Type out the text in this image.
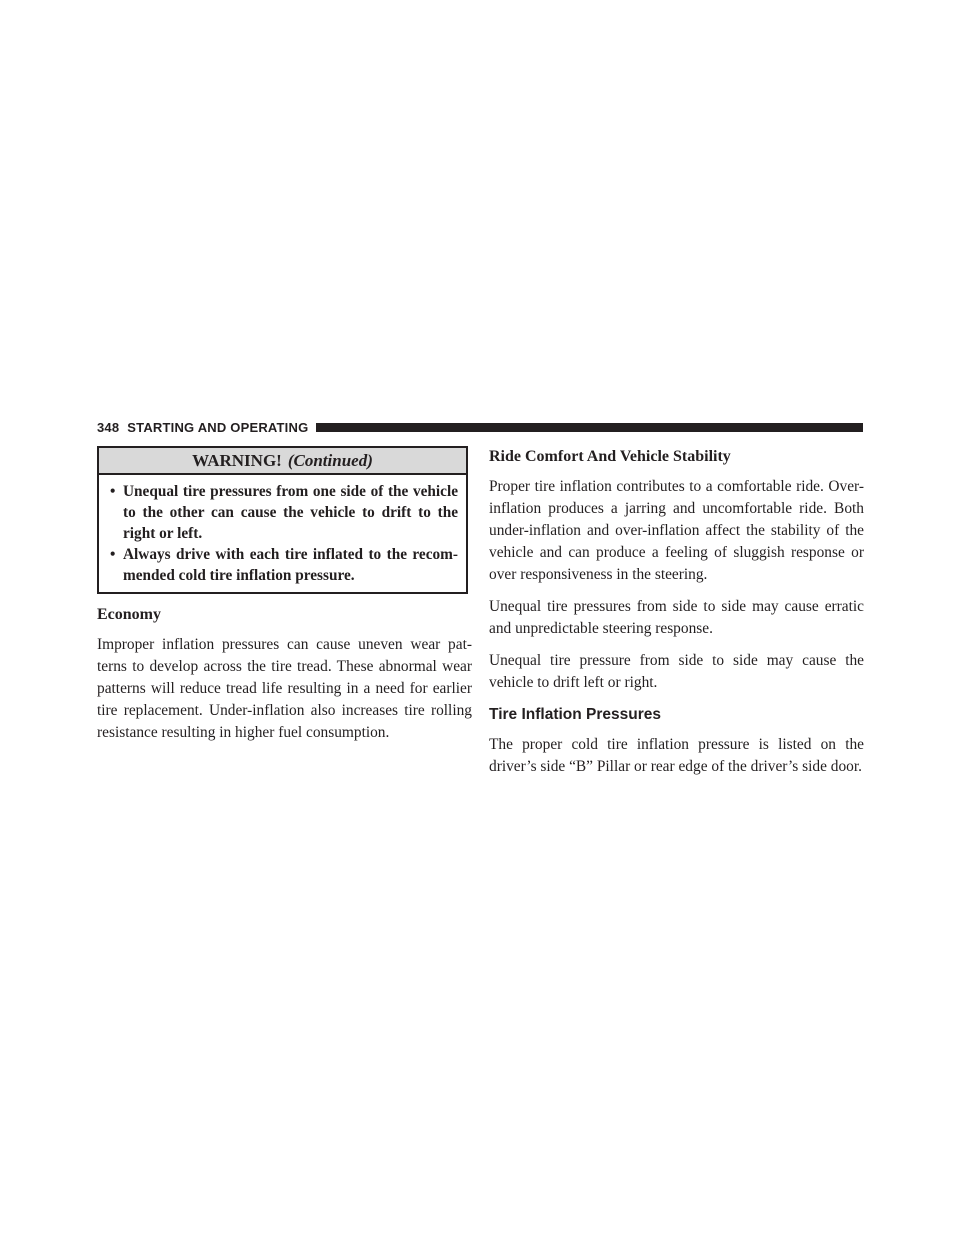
348 STARTING AND OPERATING
WARNING! (Continued)
• Unequal tire pressures from one side of the vehicle to the other can cause the vehicle to drift to the right or left.
• Always drive with each tire inflated to the recom-mended cold tire inflation pressure.
Economy

Improper inflation pressures can cause uneven wear pat-terns to develop across the tire tread. These abnormal wear patterns will reduce tread life resulting in a need for earlier tire replacement. Under-inflation also increases tire rolling resistance resulting in higher fuel consumption.

Ride Comfort And Vehicle Stability

Proper tire inflation contributes to a comfortable ride. Over-inflation produces a jarring and uncomfortable ride. Both under-inflation and over-inflation affect the stability of the vehicle and can produce a feeling of sluggish response or over responsiveness in the steering.

Unequal tire pressures from side to side may cause erratic and unpredictable steering response.

Unequal tire pressure from side to side may cause the vehicle to drift left or right.

Tire Inflation Pressures

The proper cold tire inflation pressure is listed on the driver’s side “B” Pillar or rear edge of the driver’s side door.
